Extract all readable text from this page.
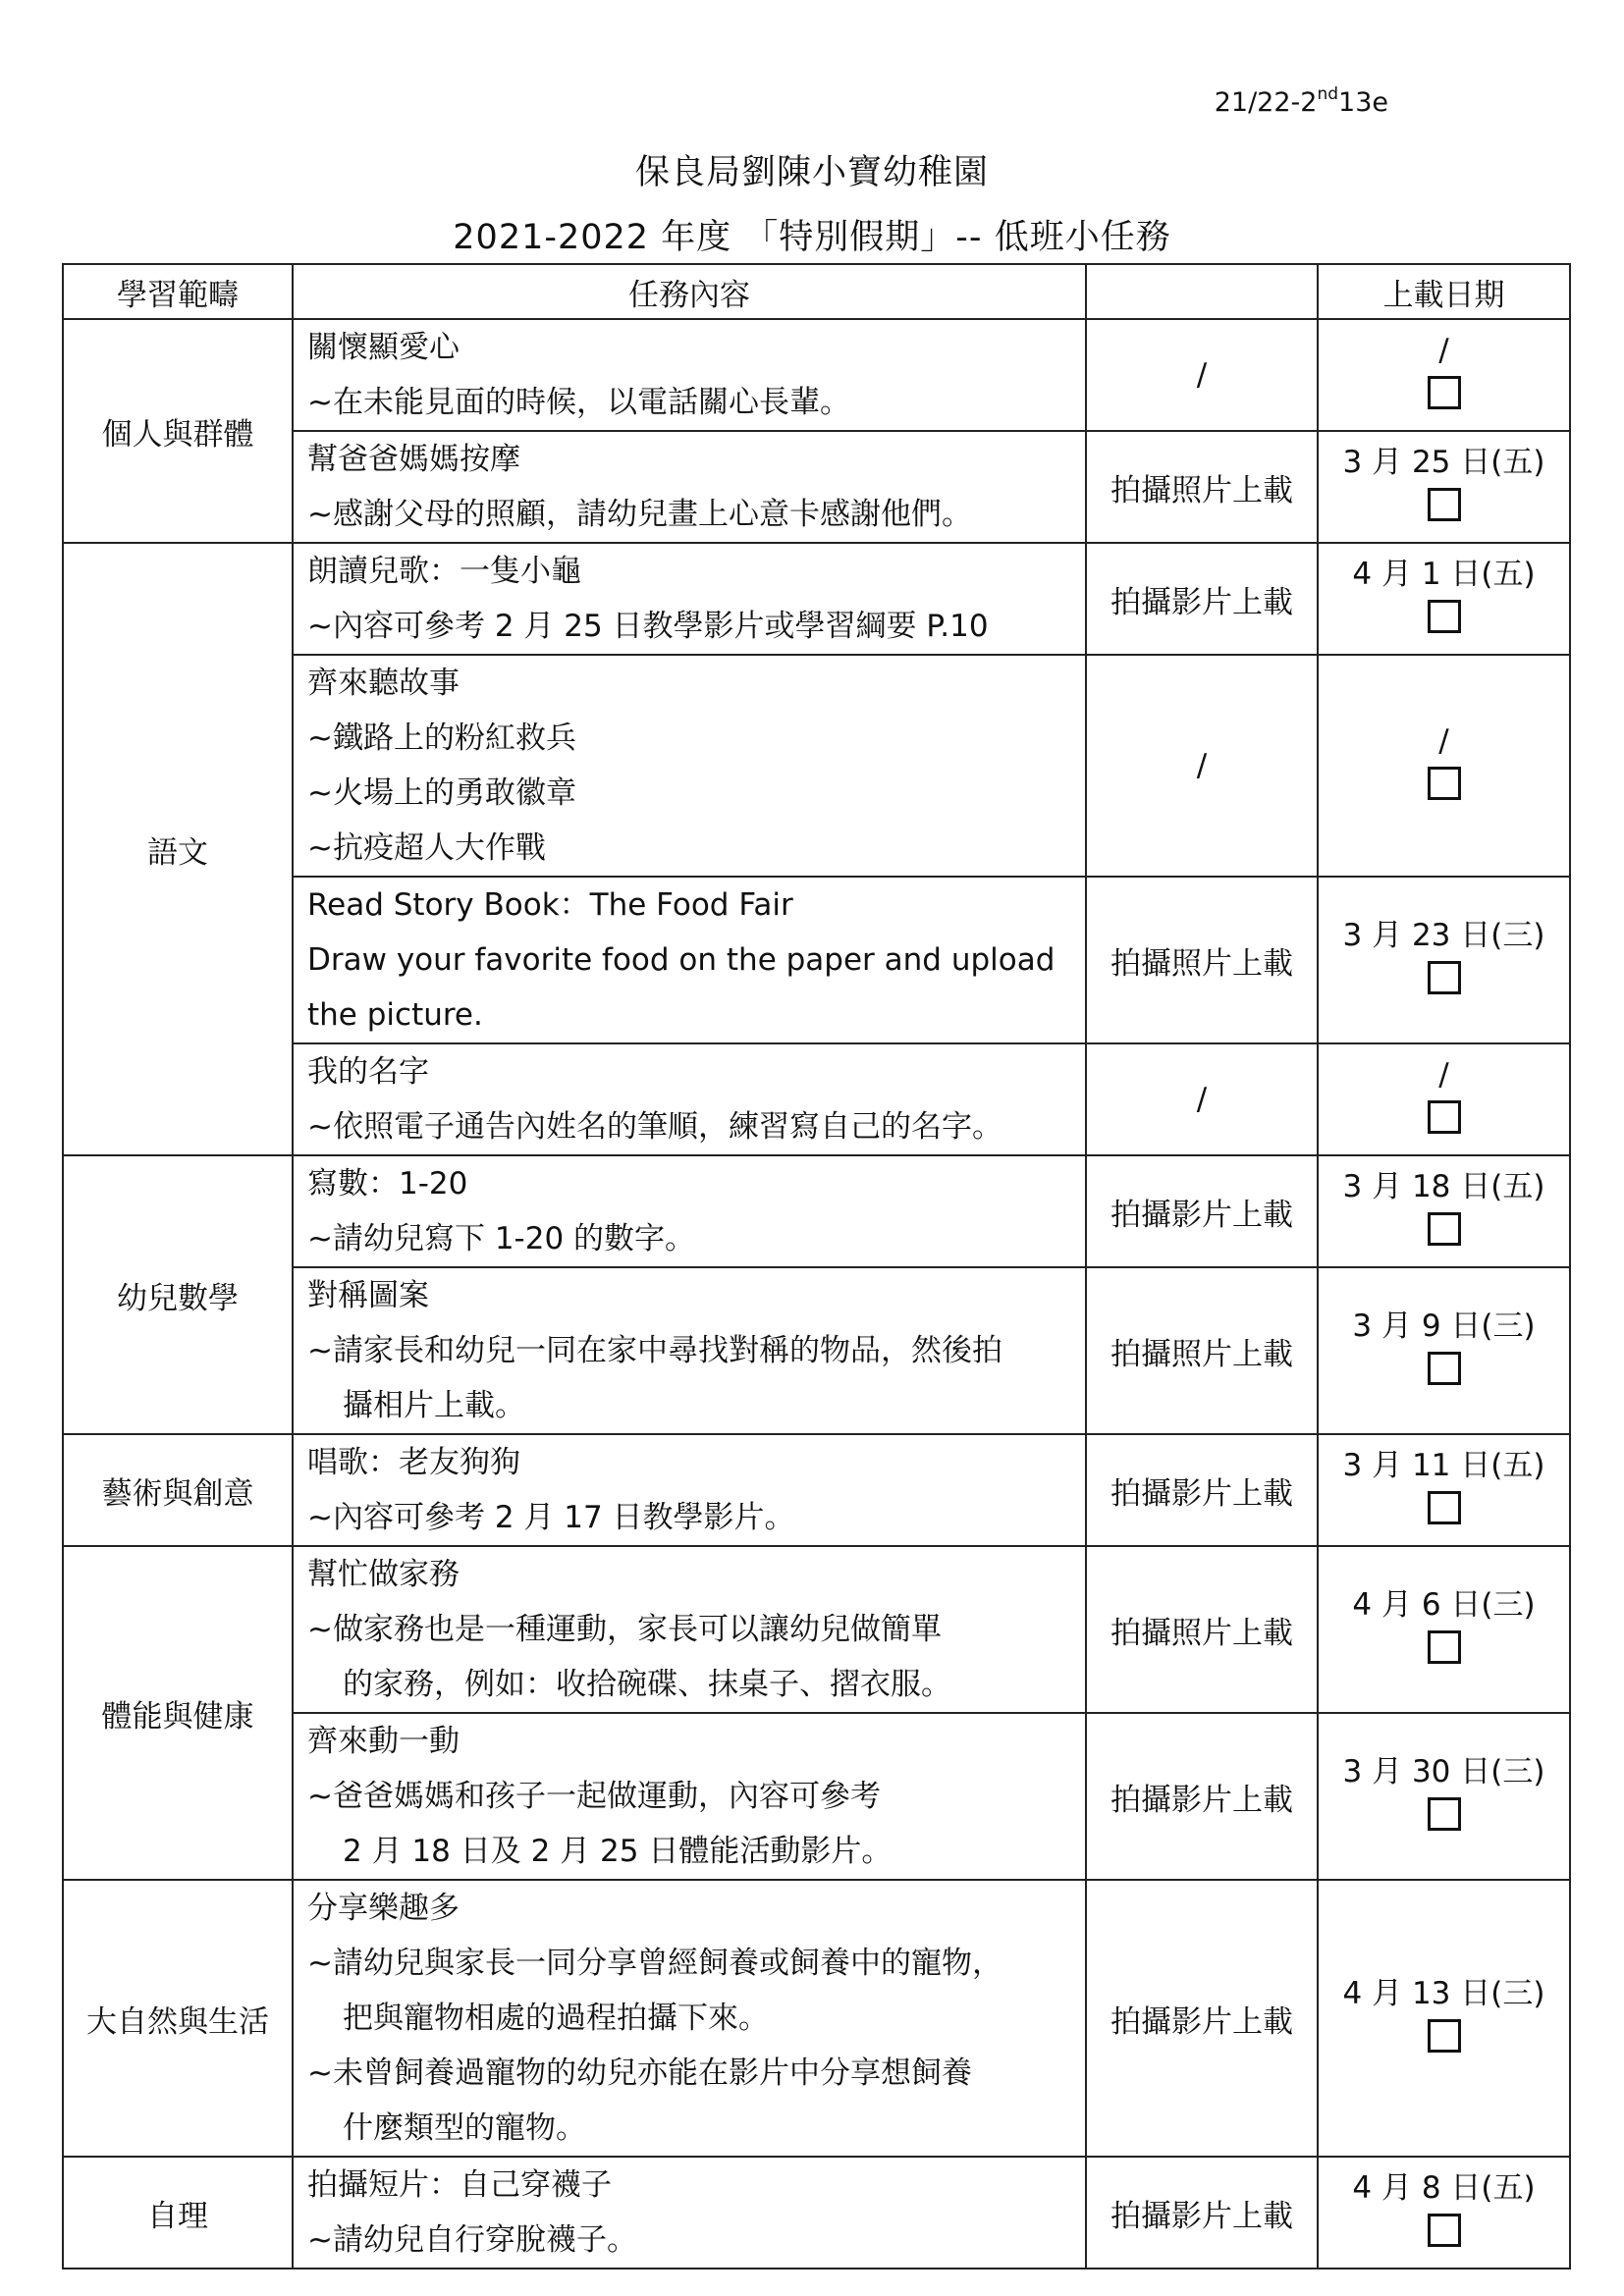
21/22-2nd13e
保良局劉陳小寶幼稚園
2021-2022 年度 「特別假期」-- 低班小任務
學習範疇	任務內容		上載日期
個人與群體	關懷顯愛心
~在未能見面的時候，以電話關心長輩。	/	/

	幫爸爸媽媽按摩
~感謝父母的照顧，請幼兒畫上心意卡感謝他們。	拍攝照片上載	3 月 25 日(五)

語文	朗讀兒歌：一隻小龜
~內容可參考 2 月 25 日教學影片或學習綱要 P.10	拍攝影片上載	4 月 1 日(五)

	齊來聽故事
~鐵路上的粉紅救兵
~火場上的勇敢徽章
~抗疫超人大作戰	/	/

	Read Story Book：The Food Fair
Draw your favorite food on the paper and upload
the picture.	拍攝照片上載	3 月 23 日(三)

	我的名字
~依照電子通告內姓名的筆順，練習寫自己的名字。	/	/

幼兒數學	寫數：1-20
~請幼兒寫下 1-20 的數字。	拍攝影片上載	3 月 18 日(五)

	對稱圖案
~請家長和幼兒一同在家中尋找對稱的物品，然後拍
攝相片上載。	拍攝照片上載	3 月 9 日(三)

藝術與創意	唱歌：老友狗狗
~內容可參考 2 月 17 日教學影片。	拍攝影片上載	3 月 11 日(五)

體能與健康	幫忙做家務
~做家務也是一種運動，家長可以讓幼兒做簡單
的家務，例如：收拾碗碟、抹桌子、摺衣服。	拍攝照片上載	4 月 6 日(三)

	齊來動一動
~爸爸媽媽和孩子一起做運動，內容可參考
2 月 18 日及 2 月 25 日體能活動影片。	拍攝影片上載	3 月 30 日(三)

大自然與生活	分享樂趣多
~請幼兒與家長一同分享曾經飼養或飼養中的寵物，
把與寵物相處的過程拍攝下來。
~未曾飼養過寵物的幼兒亦能在影片中分享想飼養
什麼類型的寵物。	拍攝影片上載	4 月 13 日(三)

自理	拍攝短片：自己穿襪子
~請幼兒自行穿脫襪子。	拍攝影片上載	4 月 8 日(五)
